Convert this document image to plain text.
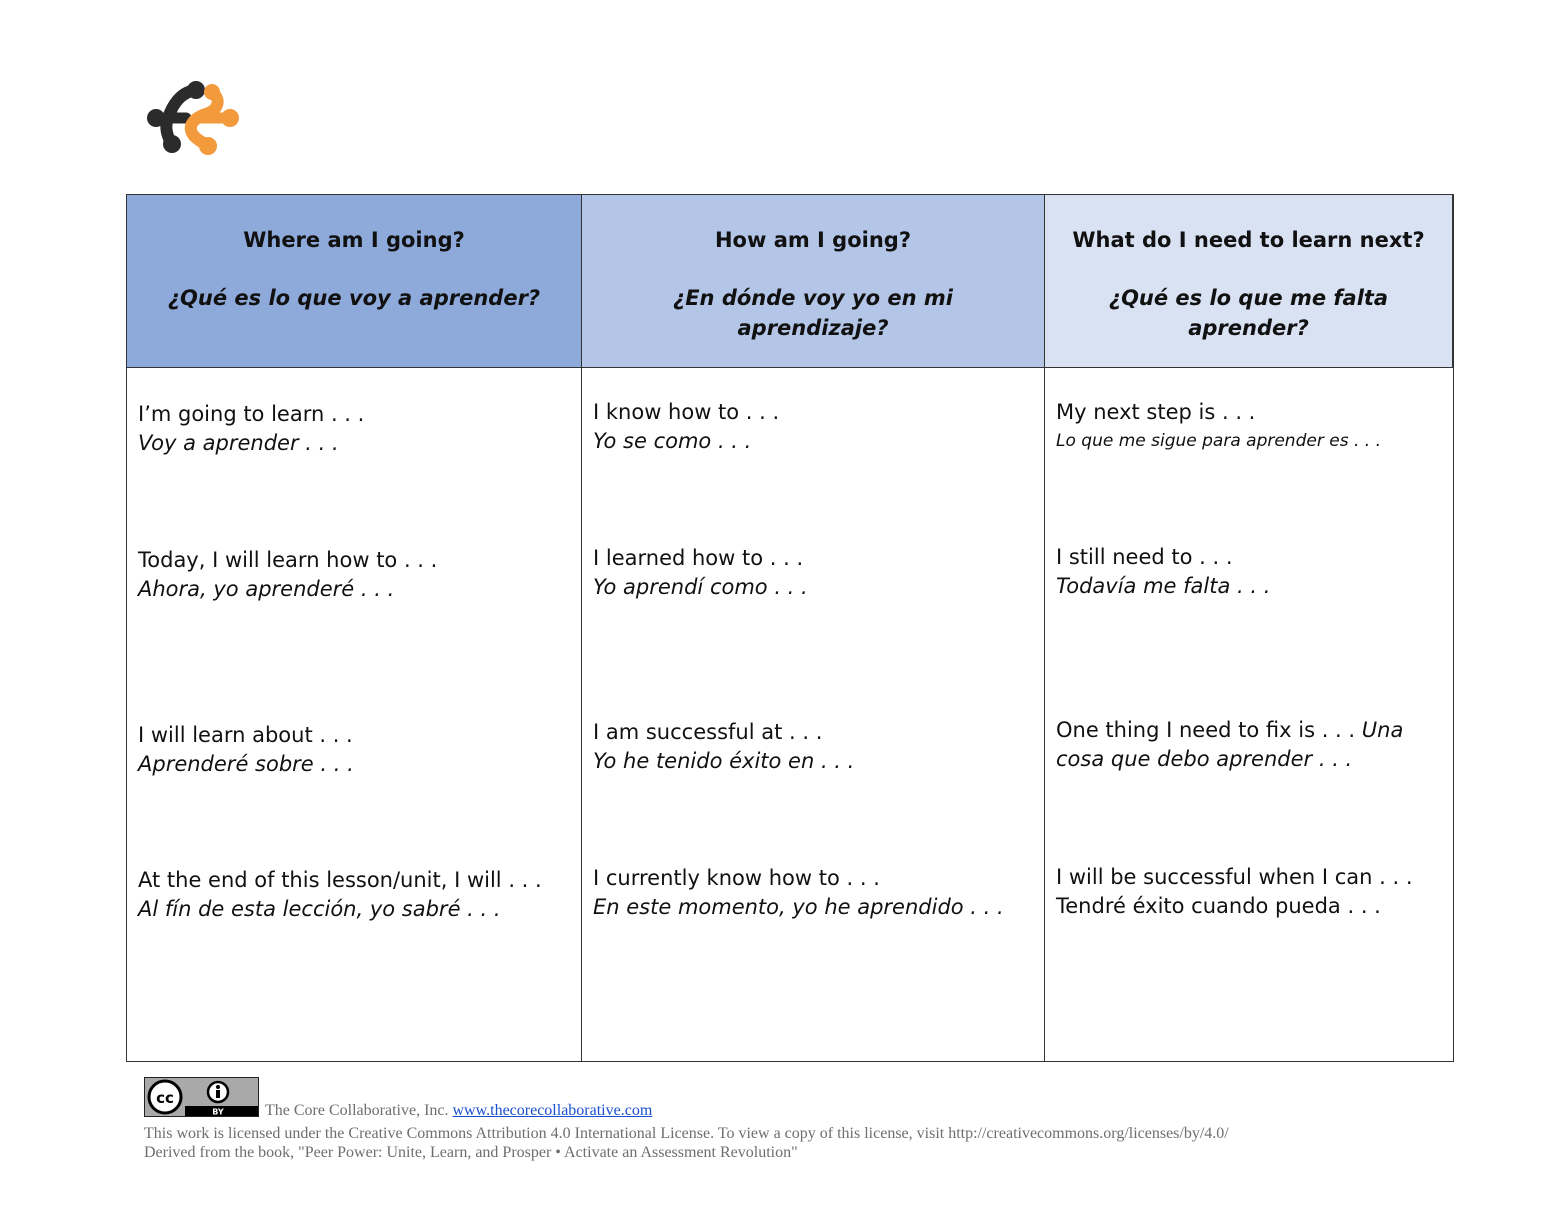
Where am I going?
¿Qué es lo que voy a aprender?
How am I going?
¿En dónde voy yo en mi aprendizaje?
What do I need to learn next?
¿Qué es lo que me falta aprender?
I’m going to learn . . .
Voy a aprender . . .
Today, I will learn how to . . .
Ahora, yo aprenderé . . .
I will learn about . . .
Aprenderé sobre . . .
At the end of this lesson/unit, I will . . .
Al fín de esta lección, yo sabré . . .
I know how to . . .
Yo se como . . .
I learned how to . . .
Yo aprendí como . . .
I am successful at . . .
Yo he tenido éxito en . . .
I currently know how to . . .
En este momento, yo he aprendido . . .
My next step is . . .
Lo que me sigue para aprender es . . .
I still need to . . .
Todavía me falta . . .
One thing I need to fix is . . . Una cosa que debo aprender . . .
I will be successful when I can . . .
Tendré éxito cuando pueda . . .
cc
BY	The Core Collaborative, Inc. www.thecorecollaborative.com
This work is licensed under the Creative Commons Attribution 4.0 International License. To view a copy of this license, visit http://creativecommons.org/licenses/by/4.0/
Derived from the book, "Peer Power: Unite, Learn, and Prosper • Activate an Assessment Revolution"
